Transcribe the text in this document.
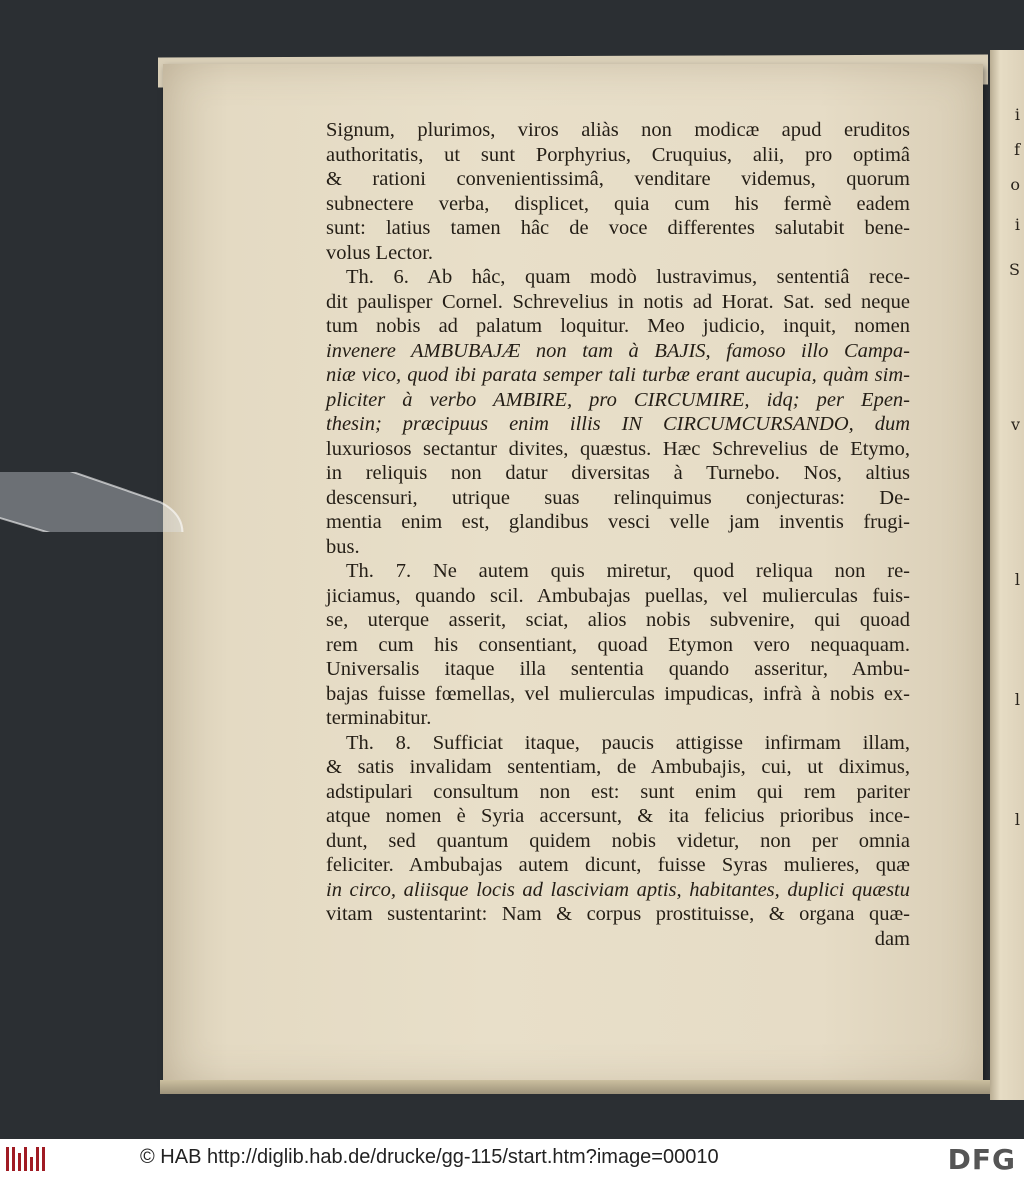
i
f
o
i
S
v
l
l
l
Signum, plurimos, viros aliàs non modicæ apud eruditos
authoritatis, ut sunt Porphyrius, Cruquius, alii, pro optimâ
& rationi convenientissimâ, venditare videmus, quorum
subnectere verba, displicet, quia cum his fermè eadem
sunt: latius tamen hâc de voce differentes salutabit bene-
volus Lector.
Th. 6. Ab hâc, quam modò lustravimus, sententiâ rece-
dit paulisper Cornel. Schrevelius in notis ad Horat. Sat. sed neque
tum nobis ad palatum loquitur. Meo judicio, inquit, nomen
invenere AMBUBAJÆ non tam à BAJIS, famoso illo Campa-
niæ vico, quod ibi parata semper tali turbæ erant aucupia, quàm sim-
pliciter à verbo AMBIRE, pro CIRCUMIRE, idq; per Epen-
thesin; præcipuus enim illis IN CIRCUMCURSANDO, dum
luxuriosos sectantur divites, quæstus. Hæc Schrevelius de Etymo,
in reliquis non datur diversitas à Turnebo. Nos, altius
descensuri, utrique suas relinquimus conjecturas: De-
mentia enim est, glandibus vesci velle jam inventis frugi-
bus.
Th. 7. Ne autem quis miretur, quod reliqua non re-
jiciamus, quando scil. Ambubajas puellas, vel mulierculas fuis-
se, uterque asserit, sciat, alios nobis subvenire, qui quoad
rem cum his consentiant, quoad Etymon vero nequaquam.
Universalis itaque illa sententia quando asseritur, Ambu-
bajas fuisse fœmellas, vel mulierculas impudicas, infrà à nobis ex-
terminabitur.
Th. 8. Sufficiat itaque, paucis attigisse infirmam illam,
& satis invalidam sententiam, de Ambubajis, cui, ut diximus,
adstipulari consultum non est: sunt enim qui rem pariter
atque nomen è Syria accersunt, & ita felicius prioribus ince-
dunt, sed quantum quidem nobis videtur, non per omnia
feliciter. Ambubajas autem dicunt, fuisse Syras mulieres, quæ
in circo, aliisque locis ad lasciviam aptis, habitantes, duplici quæstu
vitam sustentarint: Nam & corpus prostituisse, & organa quæ-
dam
© HAB http://diglib.hab.de/drucke/gg-115/start.htm?image=00010	DFG
